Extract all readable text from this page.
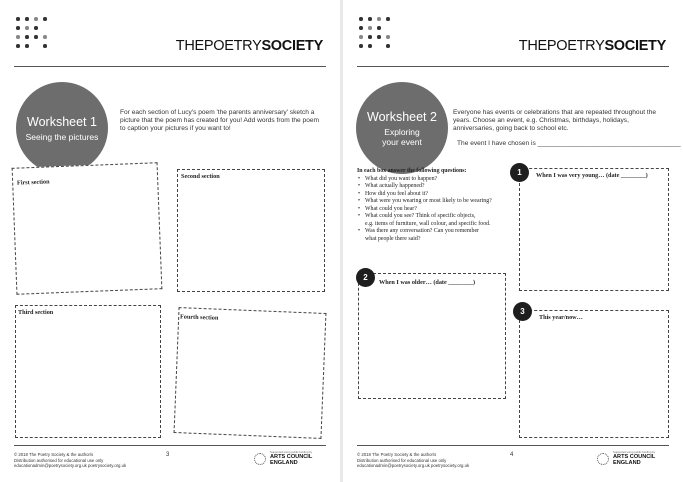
THEPOETRYSOCIETY
Worksheet 1
Seeing the pictures
For each section of Lucy's poem 'the parents anniversary' sketch a picture that the poem has created for you! Add words from the poem to caption your pictures if you want to!
First section
Second section
Third section
Fourth section
© 2018 The Poetry Society & the author/s
Distribution authorised for educational use only
educationadmin@poetrysociety.org.uk poetrysociety.org.uk
3	Supported using public funding by
ARTS COUNCIL
ENGLAND
THEPOETRYSOCIETY
Worksheet 2
Exploring
your event
Everyone has events or celebrations that are repeated throughout the years. Choose an event, e.g. Christmas, birthdays, holidays, anniversaries, going back to school etc.
The event I have chosen is _______________________________________
In each box answer the following questions:
• What did you want to happen?
• What actually happened?
• How did you feel about it?
• What were you wearing or most likely to be wearing?
• What could you hear?
• What could you see? Think of specific objects,
e.g. items of furniture, wall colour, and specific food.
• Was there any conversation? Can you remember
what people there said?
1	When I was very young… (date ________)
2
When I was older… (date ________)
3
This year/now…
© 2018 The Poetry Society & the author/s
Distribution authorised for educational use only
educationadmin@poetrysociety.org.uk poetrysociety.org.uk
4	Supported using public funding by
ARTS COUNCIL
ENGLAND
